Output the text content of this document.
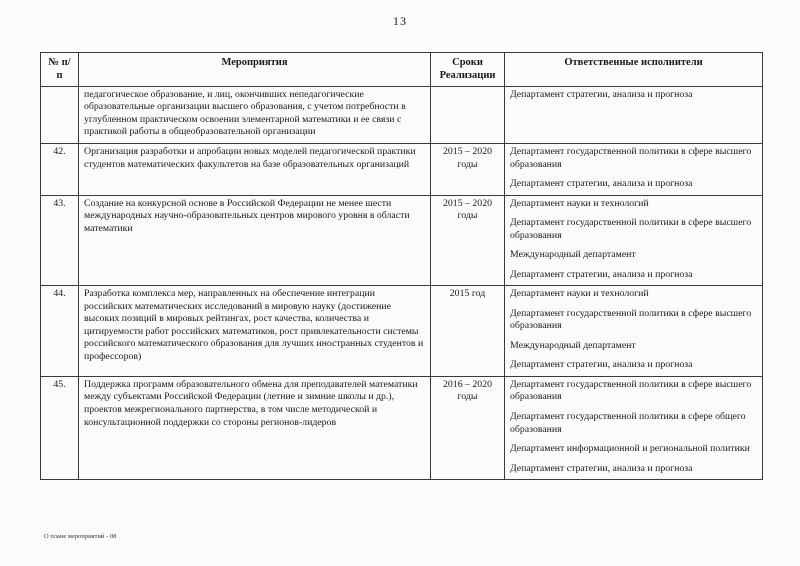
13
№ п/п	Мероприятия	Сроки Реализации	Ответственные исполнители
	педагогическое образование, и лиц, окончивших непедагогические образовательные организации высшего образования, с учетом потребности в углубленном практическом освоении элементарной математики и ее связи с практикой работы в общеобразовательной организации		Департамент стратегии, анализа и прогноза

42.	Организация разработки и апробации новых моделей педагогической практики студентов математических факультетов на базе образовательных организаций	2015 – 2020 годы	Департамент государственной политики в сфере высшего образования
Департамент стратегии, анализа и прогноза

43.	Создание на конкурсной основе в Российской Федерации не менее шести международных научно-образовательных центров мирового уровня в области математики	2015 – 2020 годы	Департамент науки и технологий
Департамент государственной политики в сфере высшего образования
Международный департамент
Департамент стратегии, анализа и прогноза

44.	Разработка комплекса мер, направленных на обеспечение интеграции российских математических исследований в мировую науку (достижение высоких позиций в мировых рейтингах, рост качества, количества и цитируемости работ российских математиков, рост привлекательности системы российского математического образования для лучших иностранных студентов и профессоров)	2015 год	Департамент науки и технологий
Департамент государственной политики в сфере высшего образования
Международный департамент
Департамент стратегии, анализа и прогноза

45.	Поддержка программ образовательного обмена для преподавателей математики между субъектами Российской Федерации (летние и зимние школы и др.), проектов межрегионального партнерства, в том числе методической и консультационной поддержки со стороны регионов-лидеров	2016 – 2020 годы	
Департамент государственной политики в сфере высшего образования
Департамент государственной политики в сфере общего образования
Департамент информационной и региональной политики
Департамент стратегии, анализа и прогноза
О плане мероприятий - 08
